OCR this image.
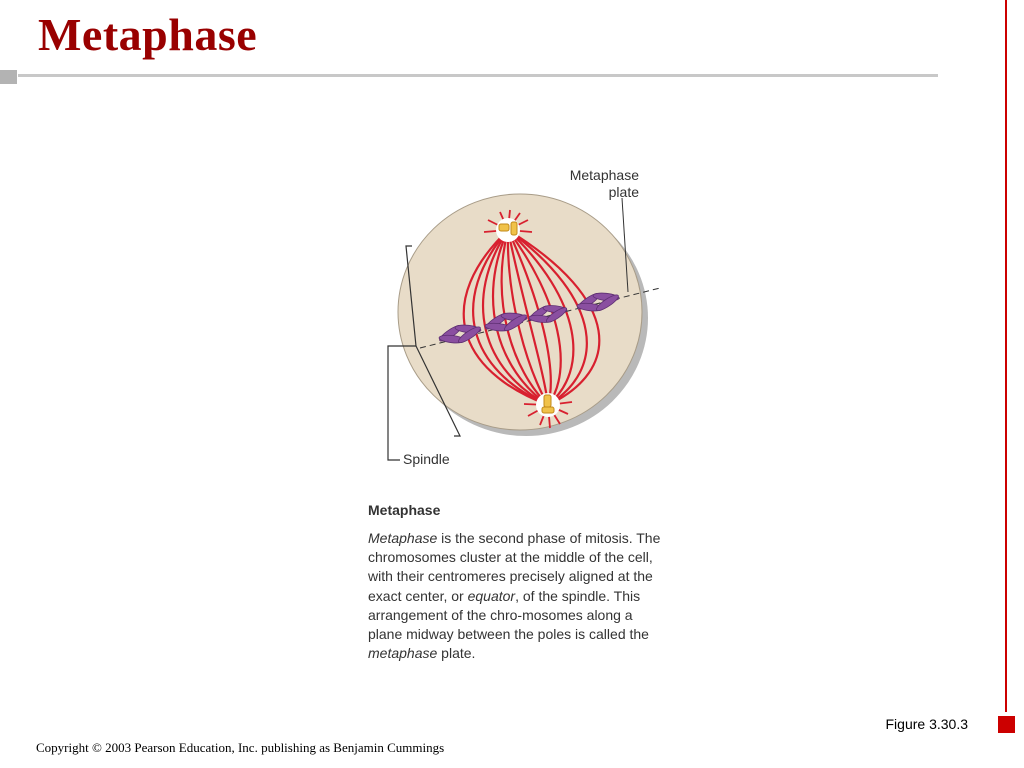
Metaphase
Metaphase
plate
Spindle

Metaphase

Metaphase is the second phase of mitosis. The chromosomes cluster at the middle of the cell, with their centromeres precisely aligned at the exact center, or equator, of the spindle. This arrangement of the chro-mosomes along a plane midway between the poles is called the metaphase plate.

Figure 3.30.3
Copyright © 2003 Pearson Education, Inc. publishing as Benjamin Cummings
